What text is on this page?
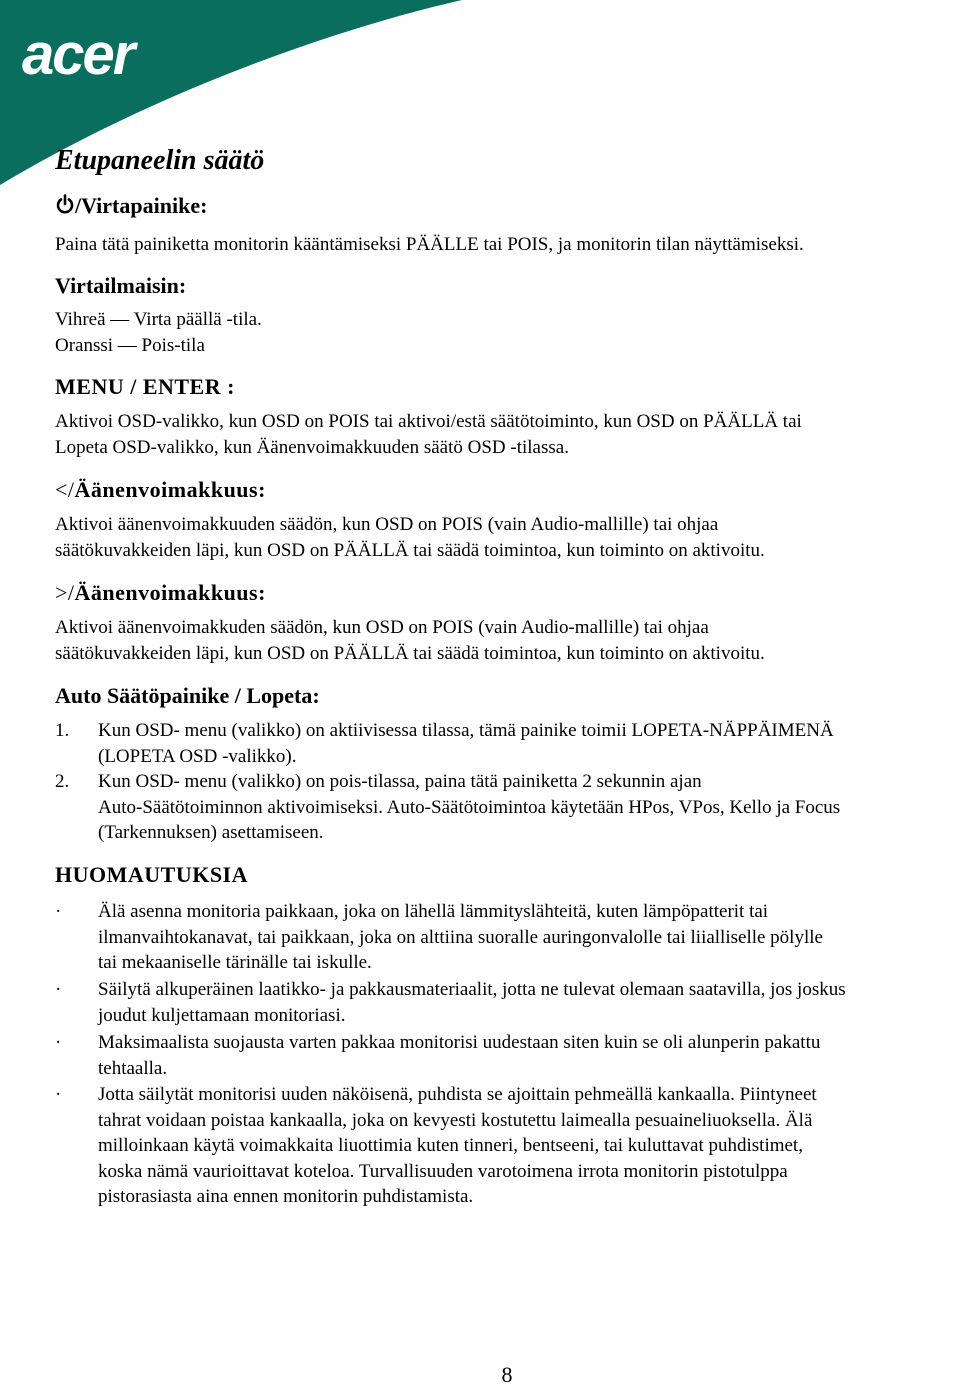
acer
Etupaneelin säätö
/Virtapainike:

Paina tätä painiketta monitorin kääntämiseksi PÄÄLLE tai POIS, ja monitorin tilan näyttämiseksi.

Virtailmaisin:

Vihreä — Virta päällä -tila.
Oranssi — Pois-tila

MENU / ENTER :

Aktivoi OSD-valikko, kun OSD on POIS tai aktivoi/estä säätötoiminto, kun OSD on PÄÄLLÄ tai
Lopeta OSD-valikko, kun Äänenvoimakkuuden säätö OSD -tilassa.

</Äänenvoimakkuus:

Aktivoi äänenvoimakkuuden säädön, kun OSD on POIS (vain Audio-mallille) tai ohjaa
säätökuvakkeiden läpi, kun OSD on PÄÄLLÄ tai säädä toimintoa, kun toiminto on aktivoitu.

>/Äänenvoimakkuus:

Aktivoi äänenvoimakkuden säädön, kun OSD on POIS (vain Audio-mallille) tai ohjaa
säätökuvakkeiden läpi, kun OSD on PÄÄLLÄ tai säädä toimintoa, kun toiminto on aktivoitu.

Auto Säätöpainike / Lopeta:
1. Kun OSD- menu (valikko) on aktiivisessa tilassa, tämä painike toimii LOPETA-NÄPPÄIMENÄ
(LOPETA OSD -valikko).
2. Kun OSD- menu (valikko) on pois-tilassa, paina tätä painiketta 2 sekunnin ajan
Auto-Säätötoiminnon aktivoimiseksi. Auto-Säätötoimintoa käytetään HPos, VPos, Kello ja Focus
(Tarkennuksen) asettamiseen.
HUOMAUTUKSIA
· Älä asenna monitoria paikkaan, joka on lähellä lämmityslähteitä, kuten lämpöpatterit tai
ilmanvaihtokanavat, tai paikkaan, joka on alttiina suoralle auringonvalolle tai liialliselle pölylle
tai mekaaniselle tärinälle tai iskulle.
· Säilytä alkuperäinen laatikko- ja pakkausmateriaalit, jotta ne tulevat olemaan saatavilla, jos joskus
joudut kuljettamaan monitoriasi.
· Maksimaalista suojausta varten pakkaa monitorisi uudestaan siten kuin se oli alunperin pakattu
tehtaalla.
· Jotta säilytät monitorisi uuden näköisenä, puhdista se ajoittain pehmeällä kankaalla. Piintyneet
tahrat voidaan poistaa kankaalla, joka on kevyesti kostutettu laimealla pesuaineliuoksella. Älä
milloinkaan käytä voimakkaita liuottimia kuten tinneri, bentseeni, tai kuluttavat puhdistimet,
koska nämä vaurioittavat koteloa. Turvallisuuden varotoimena irrota monitorin pistotulppa
pistorasiasta aina ennen monitorin puhdistamista.
8
